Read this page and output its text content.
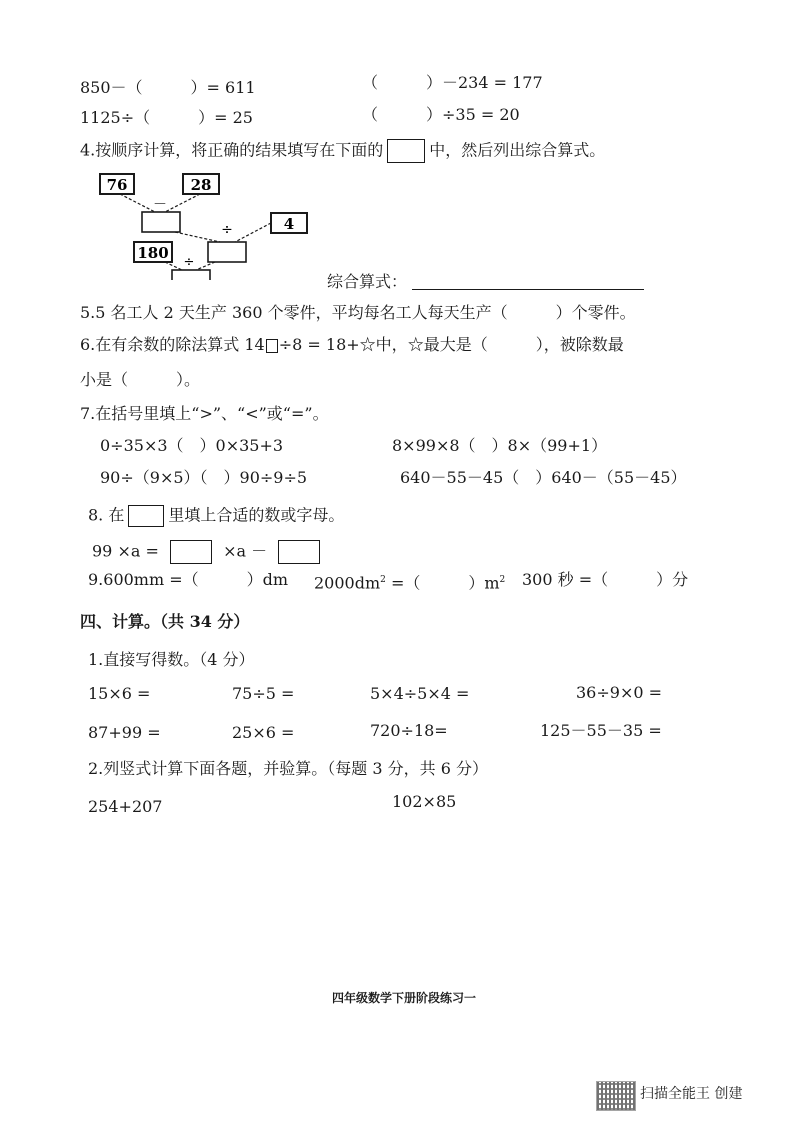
850－（　　　）= 611	（　　　）－234 = 177
1125÷（　　　）= 25	（　　　）÷35 = 20
4.按顺序计算，将正确的结果填写在下面的	中，然后列出综合算式。
76	28
－
4
÷
180
÷
综合算式：
5.5 名工人 2 天生产 360 个零件，平均每名工人每天生产（　　　）个零件。
6.在有余数的除法算式 14 ÷8 = 18+☆中，☆最大是（　　　），被除数最
小是（　　　）。
7.在括号里填上“>”、“<”或“=”。
0÷35×3（　）0×35+3	8×99×8（　）8×（99+1）
90÷（9×5）（　）90÷9÷5	640－55－45（　）640－（55－45）
8. 在	里填上合适的数或字母。
99 ×a =	×a －
9.600mm =（　　　）dm $2000dm^2$ =（　　　）$m^2$ 300 秒 =（　　　）分
四、计算。（共 34 分）
1.直接写得数。（4 分）
15×6 =	75÷5 =	5×4÷5×4 =	36÷9×0 =
87+99 =	25×6 =	720÷18=	125－55－35 =
2.列竖式计算下面各题，并验算。（每题 3 分，共 6 分）
254+207	102×85
四年级数学下册阶段练习一
扫描全能王 创建
